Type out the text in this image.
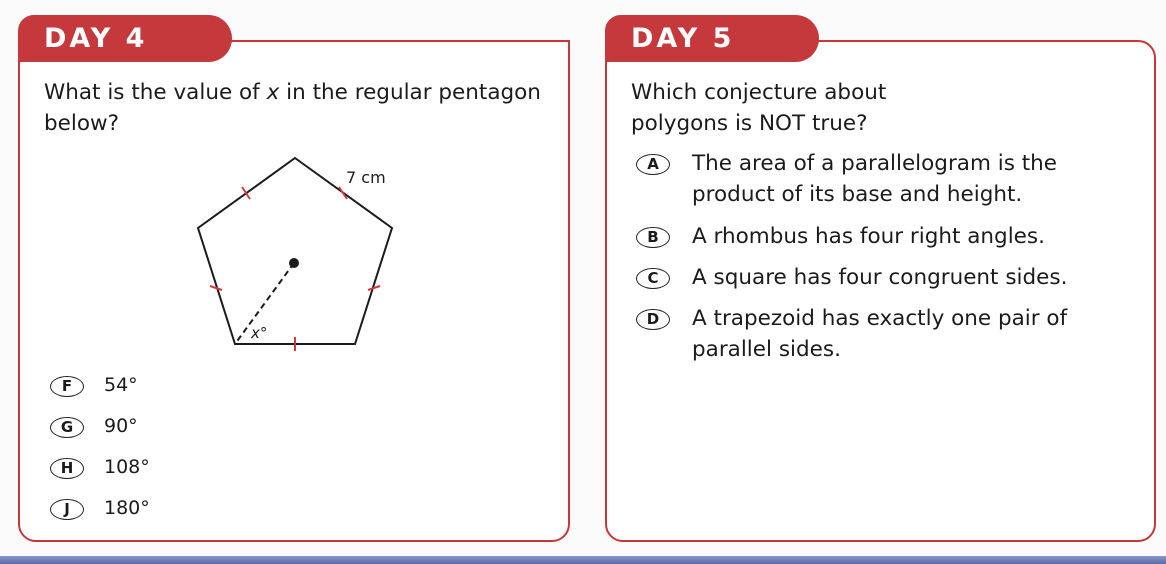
DAY 4
What is the value of x in the regular pentagon below?
7 cm
x°
F	54°
G	90°
H	108°
J	180°
DAY 5
Which conjecture about
polygons is NOT true?
A	The area of a parallelogram is the
product of its base and height.
B	A rhombus has four right angles.
C	A square has four congruent sides.
D	A trapezoid has exactly one pair of
parallel sides.
